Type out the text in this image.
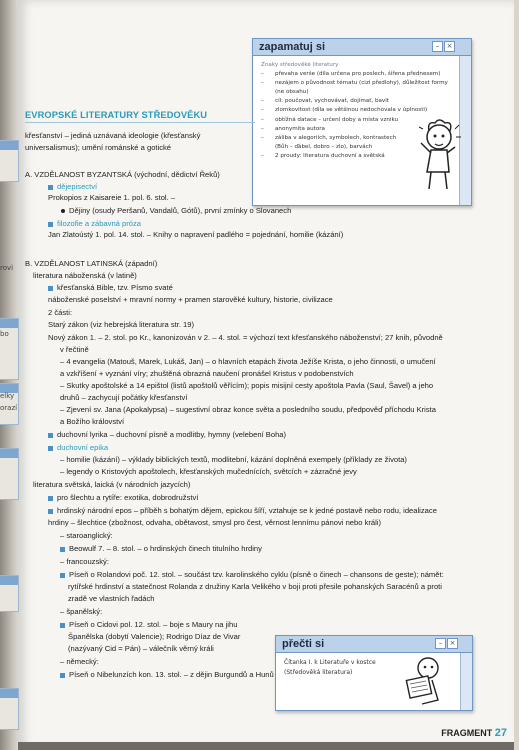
rovi
bo
elky
orazí
zapamatuj si	–	×
Znaky středověké literatury
– převaha verše (díla určena pro poslech, šířena přednesem)
– nezájem o původnost tématu (cizí předlohy), důležitost formy
(ne obsahu)
– cíl: poučovat, vychovávat, dojímat, bavit
– zlomkovitost (díla se většinou nedochovala v úplnosti)
– obtížná datace – určení doby a místa vzniku
– anonymita autora
– záliba v alegoriích, symbolech, kontrastech
(Bůh – ďábel, dobro – zlo), barvách
– 2 proudy: literatura duchovní a světská
EVROPSKÉ LITERATURY STŘEDOVĚKU
křesťanství – jediná uznávaná ideologie (křesťanský
universalismus); umění románské a gotické
A. VZDĚLANOST BYZANTSKÁ (východní, dědictví Řeků)
dějepisectví
Prokopios z Kaisareie 1. pol. 6. stol. –
Dějiny (osudy Peršanů, Vandalů, Gótů), první zmínky o Slovanech
filozofie a zábavná próza
Jan Zlatoústý 1. pol. 14. stol. – Knihy o napravení padlého = pojednání, homilie (kázání)
B. VZDĚLANOST LATINSKÁ (západní)
literatura náboženská (v latině)
křesťanská Bible, tzv. Písmo svaté
náboženské poselství + mravní normy + pramen starověké kultury, historie, civilizace
2 části:
Starý zákon (viz hebrejská literatura str. 19)
Nový zákon 1. – 2. stol. po Kr., kanonizován v 2. – 4. stol. = výchozí text křesťanského náboženství; 27 knih, původně
v řečtině
– 4 evangelia (Matouš, Marek, Lukáš, Jan) – o hlavních etapách života Ježíše Krista, o jeho činnosti, o umučení
a vzkříšení + vyznání víry; zhuštěná obrazná naučení pronášel Kristus v podobenstvích
– Skutky apoštolské a 14 epištol (listů apoštolů věřícím); popis misijní cesty apoštola Pavla (Saul, Šavel) a jeho
druhů – zachycují počátky křesťanství
– Zjevení sv. Jana (Apokalypsa) – sugestivní obraz konce světa a posledního soudu, předpověď příchodu Krista
a Božího království
duchovní lyrika – duchovní písně a modlitby, hymny (velebení Boha)
duchovní epika
– homilie (kázání) – výklady biblických textů, modlitební, kázání doplněná exempely (příklady ze života)
– legendy o Kristových apoštolech, křesťanských mučednících, světcích + zázračné jevy
literatura světská, laická (v národních jazycích)
pro šlechtu a rytíře: exotika, dobrodružství
hrdinský národní epos – příběh s bohatým dějem, epickou šíří, vztahuje se k jedné postavě nebo rodu, idealizace
hrdiny – šlechtice (zbožnost, odvaha, obětavost, smysl pro čest, věrnost lennímu pánovi nebo králi)
– staroanglický:
Beowulf 7. – 8. stol. – o hrdinských činech titulního hrdiny
– francouzský:
Píseň o Rolandovi poč. 12. stol. – součást tzv. karolinského cyklu (písně o činech – chansons de geste); námět:
rytířské hrdinství a statečnost Rolanda z družiny Karla Velikého v boji proti přesile pohanských Saracénů a proti
zradě ve vlastních řadách
– španělský:
Píseň o Cidovi pol. 12. stol. – boje s Maury na jihu
Španělska (dobytí Valencie); Rodrigo Díaz de Vivar
(nazývaný Cid = Pán) – válečník věrný králi
– německý:
Píseň o Nibelunzích kon. 13. stol. – z dějin Burgundů a Hunů
přečti si	–	×
Čítanka I. k Literatuře v kostce
(Středověká literatura)
FRAGMENT 27
